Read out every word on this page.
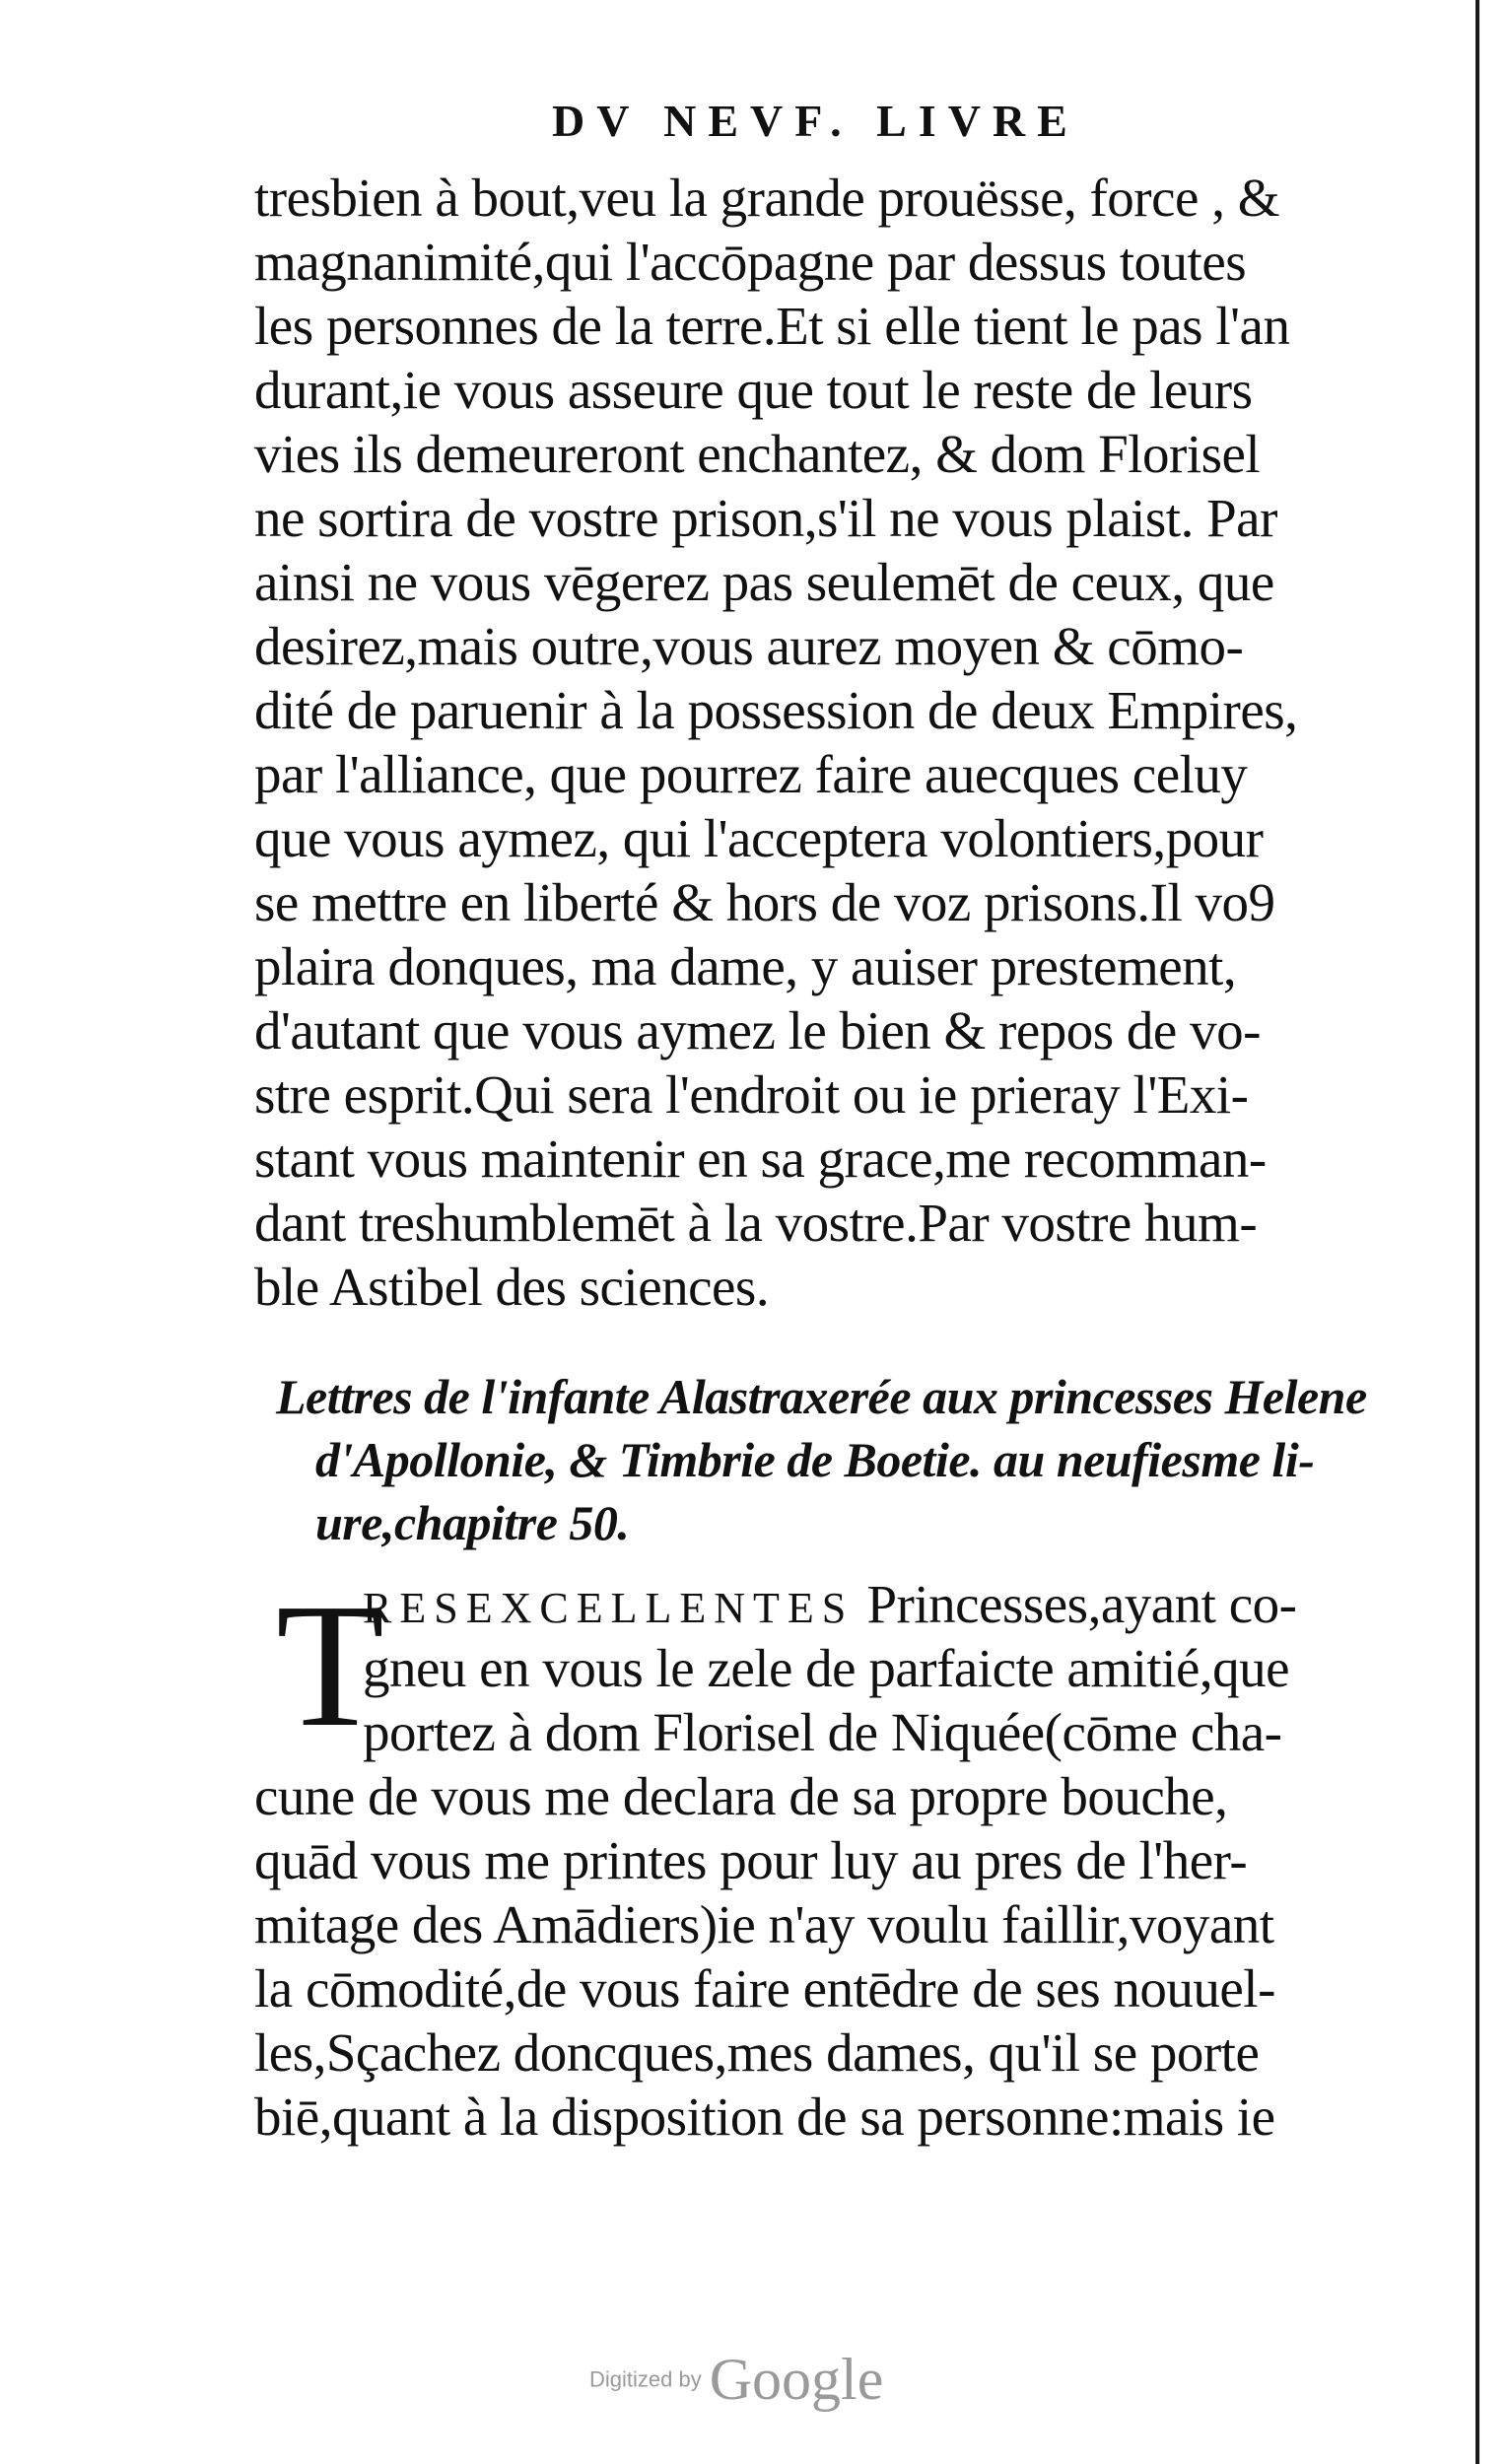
DV NEVF. LIVRE
tresbien à bout,veu la grande prouësse, force , &
magnanimité,qui l'accōpagne par dessus toutes
les personnes de la terre.Et si elle tient le pas l'an
durant,ie vous asseure que tout le reste de leurs
vies ils demeureront enchantez, & dom Florisel
ne sortira de vostre prison,s'il ne vous plaist. Par
ainsi ne vous vēgerez pas seulemēt de ceux, que
desirez,mais outre,vous aurez moyen & cōmo-
dité de paruenir à la possession de deux Empires,
par l'alliance, que pourrez faire auecques celuy
que vous aymez, qui l'acceptera volontiers,pour
se mettre en liberté & hors de voz prisons.Il vo9
plaira donques, ma dame, y auiser prestement,
d'autant que vous aymez le bien & repos de vo-
stre esprit.Qui sera l'endroit ou ie prieray l'Exi-
stant vous maintenir en sa grace,me recomman-
dant treshumblemēt à la vostre.Par vostre hum-
ble Astibel des sciences.
Lettres de l'infante Alastraxerée aux princesses Helene
d'Apollonie, & Timbrie de Boetie. au neufiesme li-
ure,chapitre 50.
T
RESEXCELLENTES Princesses,ayant co-
gneu en vous le zele de parfaicte amitié,que
portez à dom Florisel de Niquée(cōme cha-
cune de vous me declara de sa propre bouche,
quād vous me printes pour luy au pres de l'her-
mitage des Amādiers)ie n'ay voulu faillir,voyant
la cōmodité,de vous faire entēdre de ses nouuel-
les,Sçachez doncques,mes dames, qu'il se porte
biē,quant à la disposition de sa personne:mais ie
Digitized by Google
